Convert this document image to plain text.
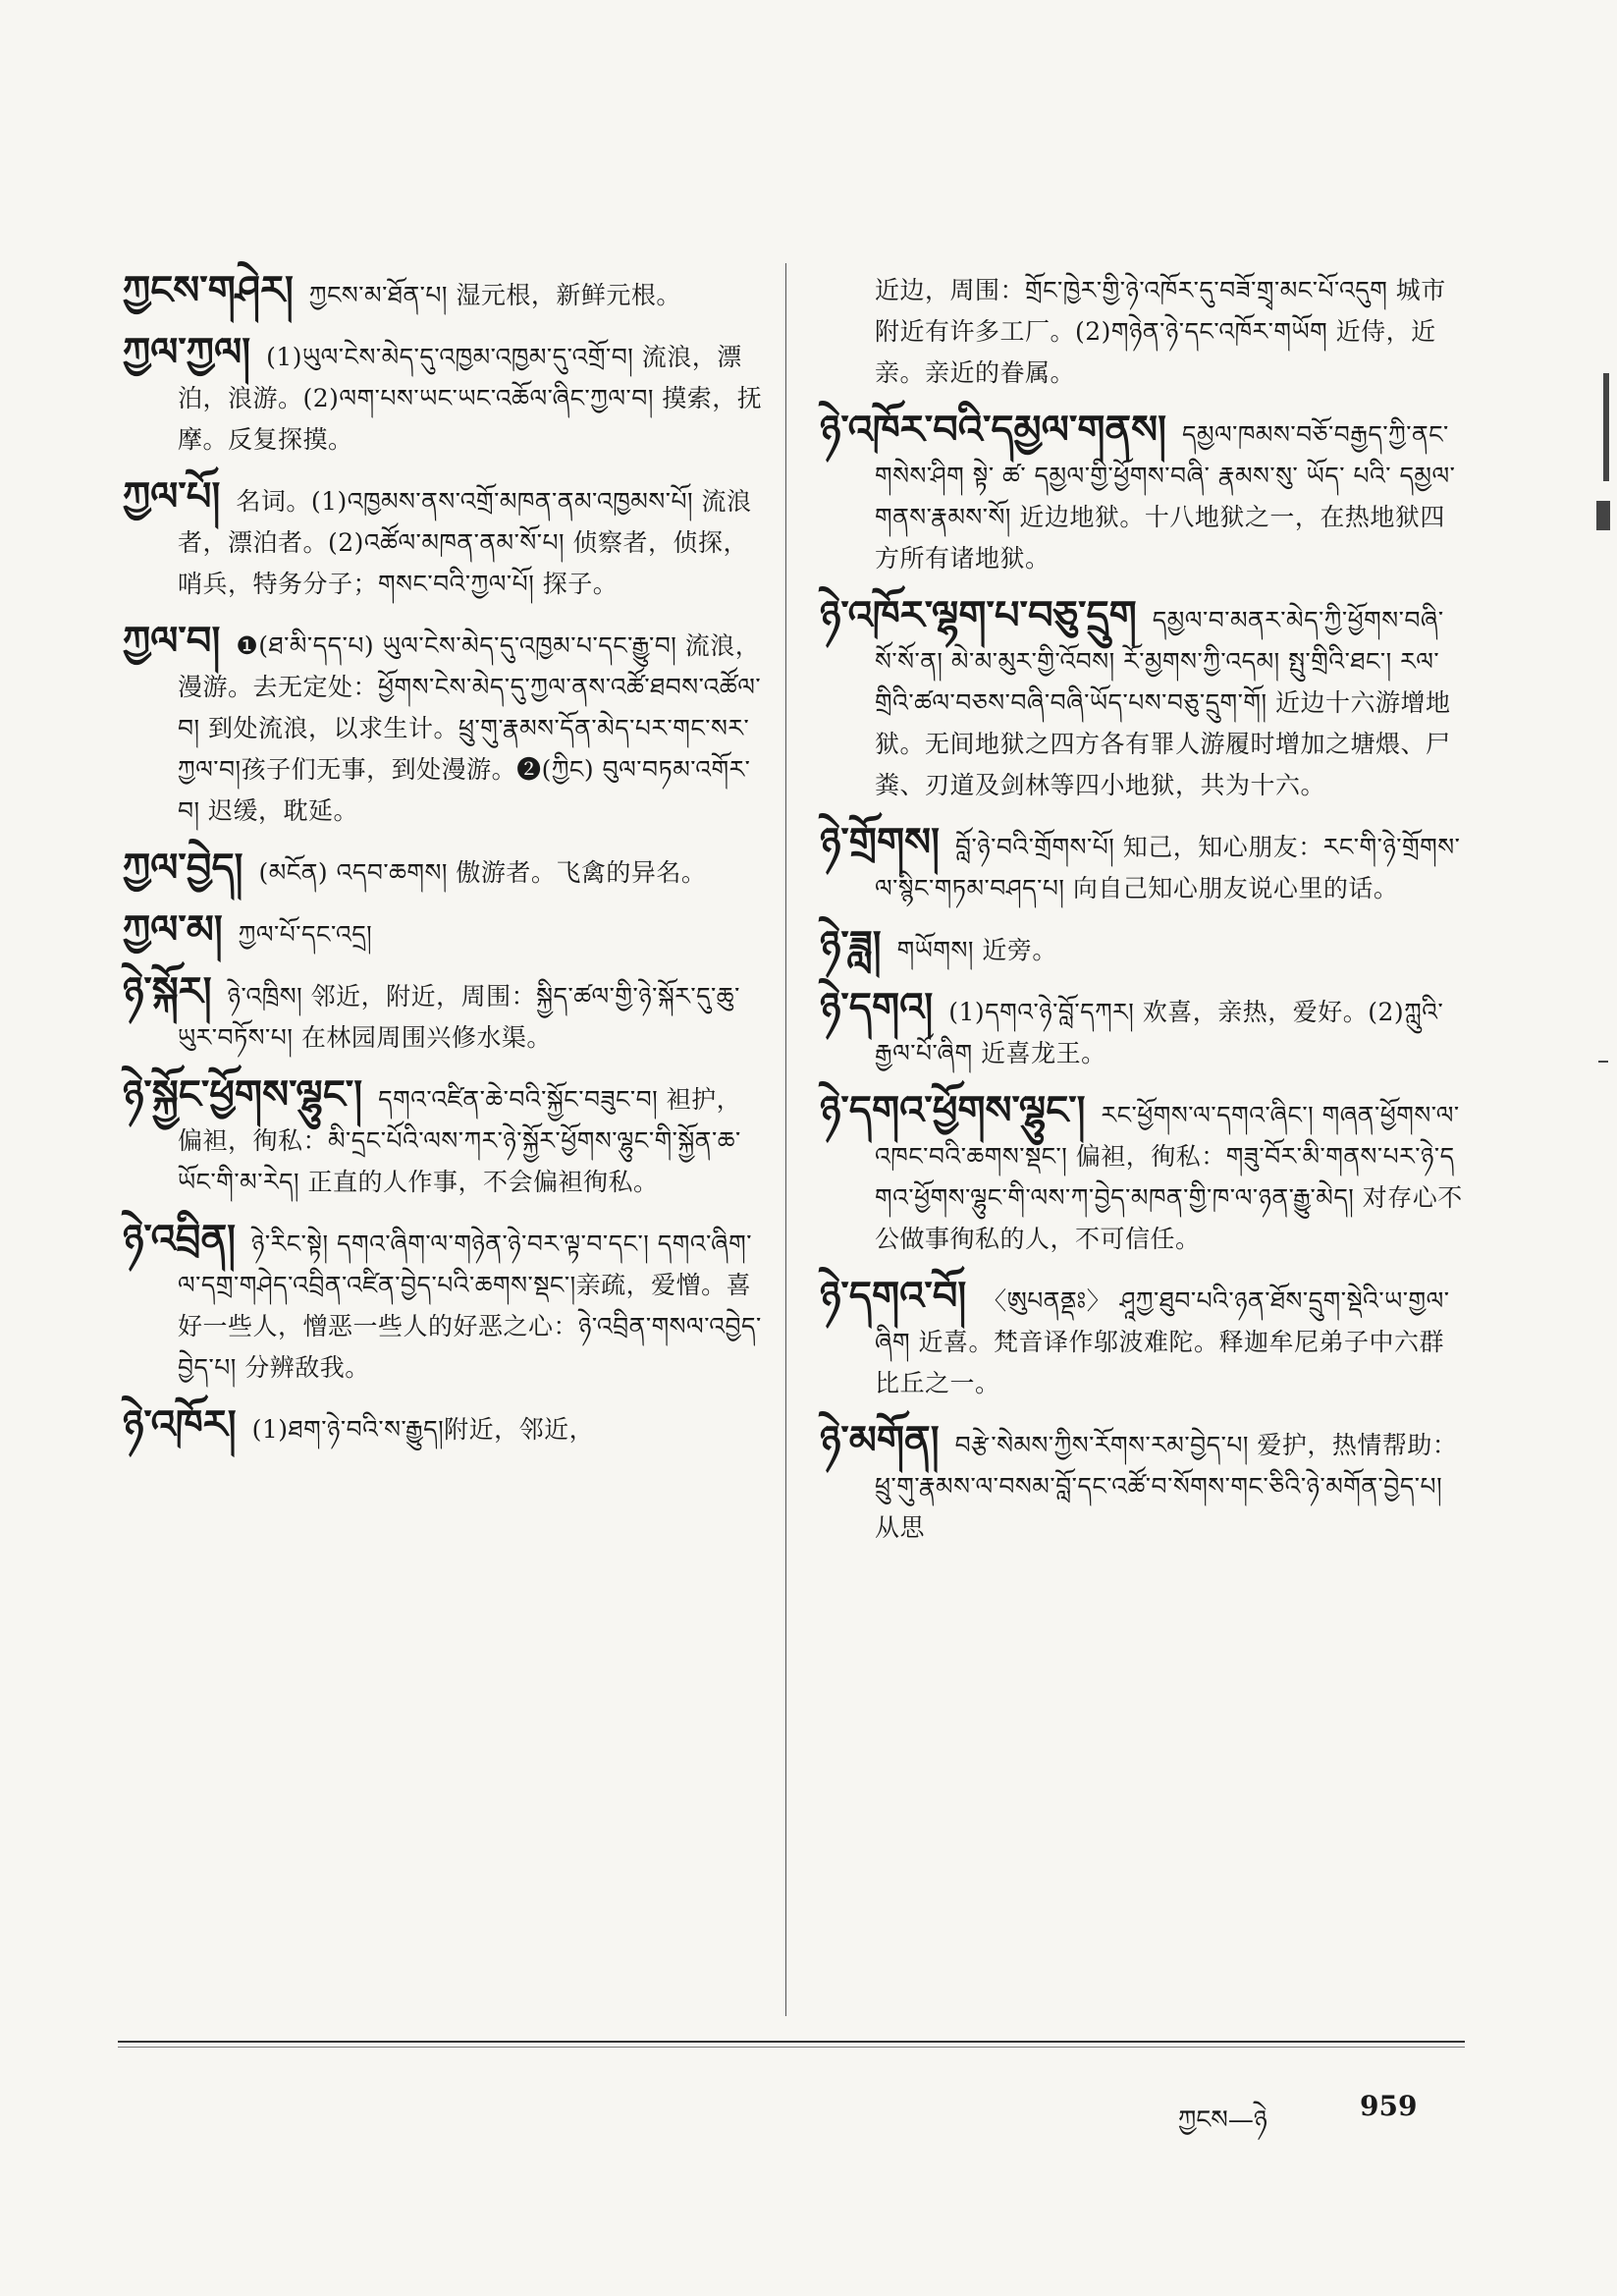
ཀྱངས་གཤེར། ཀྱངས་མ་ཐོན་པ། 湿元根，新鲜元根。

ཀྱལ་ཀྱལ། (1)ཡུལ་ངེས་མེད་དུ་འཁྱམ་འཁྱམ་དུ་འགྲོ་བ། 流浪，漂泊，浪游。(2)ལག་པས་ཡང་ཡང་འཆོལ་ཞིང་ཀྱལ་བ། 摸索，抚摩。反复探摸。

ཀྱལ་པོ། 名词。(1)འཁྱམས་ནས་འགྲོ་མཁན་ནམ་འཁྱམས་པོ། 流浪者，漂泊者。(2)འཚོལ་མཁན་ནམ་སོ་པ། 侦察者，侦探，哨兵，特务分子；གསང་བའི་ཀྱལ་པོ། 探子。

ཀྱལ་བ། ❶(ཐ་མི་དད་པ) ཡུལ་ངེས་མེད་དུ་འཁྱམ་པ་དང་རྒྱུ་བ། 流浪，漫游。去无定处：ཕྱོགས་ངེས་མེད་དུ་ཀྱལ་ནས་འཚོ་ཐབས་འཚོལ་བ། 到处流浪，以求生计。ཕྲུ་གུ་རྣམས་དོན་མེད་པར་གང་སར་ཀྱལ་བ།孩子们无事，到处漫游。❷(ཀྱིང) བུལ་བཏམ་འགོར་བ། 迟缓，耽延。

ཀྱལ་བྱེད། (མངོན) འདབ་ཆགས། 傲游者。飞禽的异名。

ཀྱལ་མ། ཀྱལ་པོ་དང་འདྲ།

ཉེ་སྐོར། ཉེ་འཁྲིས། 邻近，附近，周围：སྐྱིད་ཚལ་གྱི་ཉེ་སྐོར་དུ་ཆུ་ཡུར་བཏོས་པ། 在林园周围兴修水渠。

ཉེ་སྐྱོང་ཕྱོགས་ལྷུང་། དགའ་འཛིན་ཆེ་བའི་སྐྱོང་བཟུང་བ། 袒护，偏袒，徇私：མི་དྲང་པོའི་ལས་ཀར་ཉེ་སྐྱོར་ཕྱོགས་ལྷུང་གི་སྐྱོན་ཆ་ཡོང་གི་མ་རེད། 正直的人作事，不会偏袒徇私。

ཉེ་འབྲིན། ཉེ་རིང་སྟེ། དགའ་ཞིག་ལ་གཉེན་ཉེ་བར་ལྟ་བ་དང་། དགའ་ཞིག་ལ་དགྲ་གཤེད་འབྲིན་འཛིན་བྱེད་པའི་ཆགས་སྡང་།亲疏，爱憎。喜好一些人，憎恶一些人的好恶之心：ཉེ་འབྲིན་གསལ་འབྱེད་བྱེད་པ། 分辨敌我。

ཉེ་འཁོར། (1)ཐག་ཉེ་བའི་ས་རྒྱུད།附近，邻近，

近边，周围：གྲོང་ཁྱེར་གྱི་ཉེ་འཁོར་དུ་བཟོ་གྲྭ་མང་པོ་འདུག 城市附近有许多工厂。(2)གཉེན་ཉེ་དང་འཁོར་གཡོག 近侍，近亲。亲近的眷属。

ཉེ་འཁོར་བའི་དམྱལ་གནས། དམྱལ་ཁམས་བཅོ་བརྒྱད་ཀྱི་ནང་གསེས་ཤིག སྟེ་ ཚ་ དམྱལ་གྱི་ཕྱོགས་བཞི་ རྣམས་སུ་ ཡོད་ པའི་ དམྱལ་ གནས་རྣམས་སོ། 近边地狱。十八地狱之一，在热地狱四方所有诸地狱。

ཉེ་འཁོར་ལྷག་པ་བཅུ་དྲུག དམྱལ་བ་མནར་མེད་ཀྱི་ཕྱོགས་བཞི་སོ་སོ་ན། མེ་མ་མུར་གྱི་འོབས། རོ་མྱགས་ཀྱི་འདམ། སྤུ་གྲིའི་ཐང་། རལ་གྲིའི་ཚལ་བཅས་བཞི་བཞི་ཡོད་པས་བཅུ་དྲུག་གོ། 近边十六游增地狱。无间地狱之四方各有罪人游履时增加之塘煨、尸粪、刃道及剑林等四小地狱，共为十六。

ཉེ་གྲོགས། བློ་ཉེ་བའི་གྲོགས་པོ། 知己，知心朋友：རང་གི་ཉེ་གྲོགས་ལ་སྙིང་གཏམ་བཤད་པ། 向自己知心朋友说心里的话。

ཉེ་ཟླ། གཡོགས། 近旁。

ཉེ་དགའ། (1)དགའ་ཉེ་བློ་དཀར། 欢喜，亲热，爱好。(2)ཀླུའི་རྒྱལ་པོ་ཞིག 近喜龙王。

ཉེ་དགའ་ཕྱོགས་ལྷུང་། རང་ཕྱོགས་ལ་དགའ་ཞིང་། གཞན་ཕྱོགས་ལ་འཁང་བའི་ཆགས་སྡང་། 偏袒，徇私：གཟུ་བོར་མི་གནས་པར་ཉེ་དགའ་ཕྱོགས་ལྷུང་གི་ལས་ཀ་བྱེད་མཁན་གྱི་ཁ་ལ་ཉན་རྒྱུ་མེད། 对存心不公做事徇私的人，不可信任。

ཉེ་དགའ་བོ། 〈ཨུཔནནྡཿ〉 ཤཱཀྱ་ཐུབ་པའི་ཉན་ཐོས་དྲུག་སྡེའི་ཡ་གྱལ་ཞིག 近喜。梵音译作邬波难陀。释迦牟尼弟子中六群比丘之一。

ཉེ་མགོན། བརྩེ་སེམས་ཀྱིས་རོགས་རམ་བྱེད་པ། 爱护，热情帮助：ཕྲུ་གུ་རྣམས་ལ་བསམ་བློ་དང་འཚོ་བ་སོགས་གང་ཅིའི་ཉེ་མགོན་བྱེད་པ། 从思

ཀྱངས—ཉེ	959
